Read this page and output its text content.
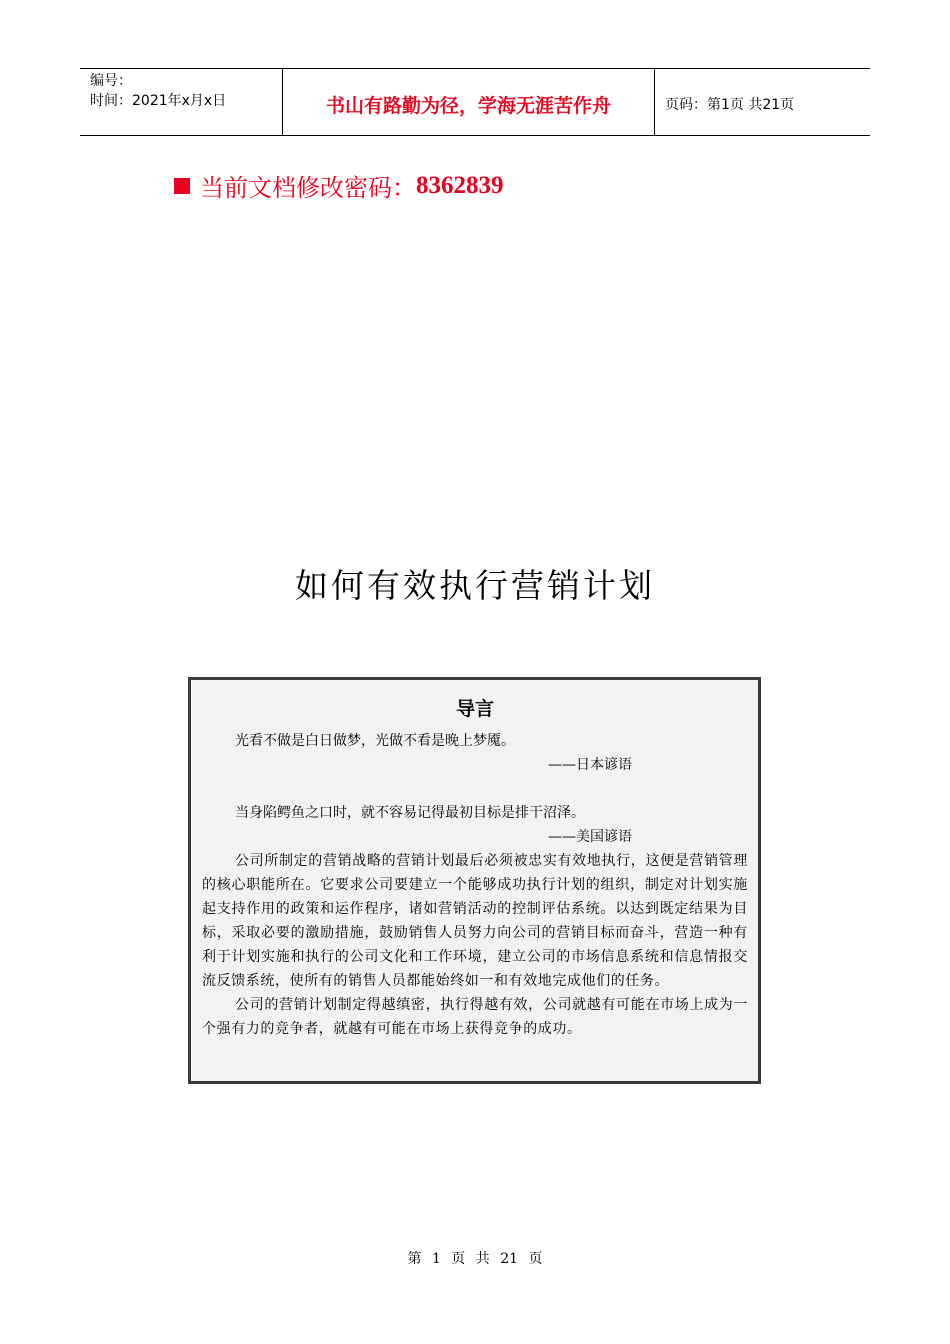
编号：
时间：2021年x月x日	书山有路勤为径，学海无涯苦作舟	页码：第1页 共21页
当前文档修改密码： 8362839
如何有效执行营销计划
导言
光看不做是白日做梦，光做不看是晚上梦魇。
——日本谚语
当身陷鳄鱼之口时，就不容易记得最初目标是排干沼泽。
——美国谚语

公司所制定的营销战略的营销计划最后必须被忠实有效地执行，这便是营销管理的核心职能所在。它要求公司要建立一个能够成功执行计划的组织，制定对计划实施起支持作用的政策和运作程序，诸如营销活动的控制评估系统。以达到既定结果为目标，采取必要的激励措施，鼓励销售人员努力向公司的营销目标而奋斗，营造一种有利于计划实施和执行的公司文化和工作环境，建立公司的市场信息系统和信息情报交流反馈系统，使所有的销售人员都能始终如一和有效地完成他们的任务。

公司的营销计划制定得越缜密，执行得越有效，公司就越有可能在市场上成为一个强有力的竞争者，就越有可能在市场上获得竞争的成功。

第 1 页 共 21 页
